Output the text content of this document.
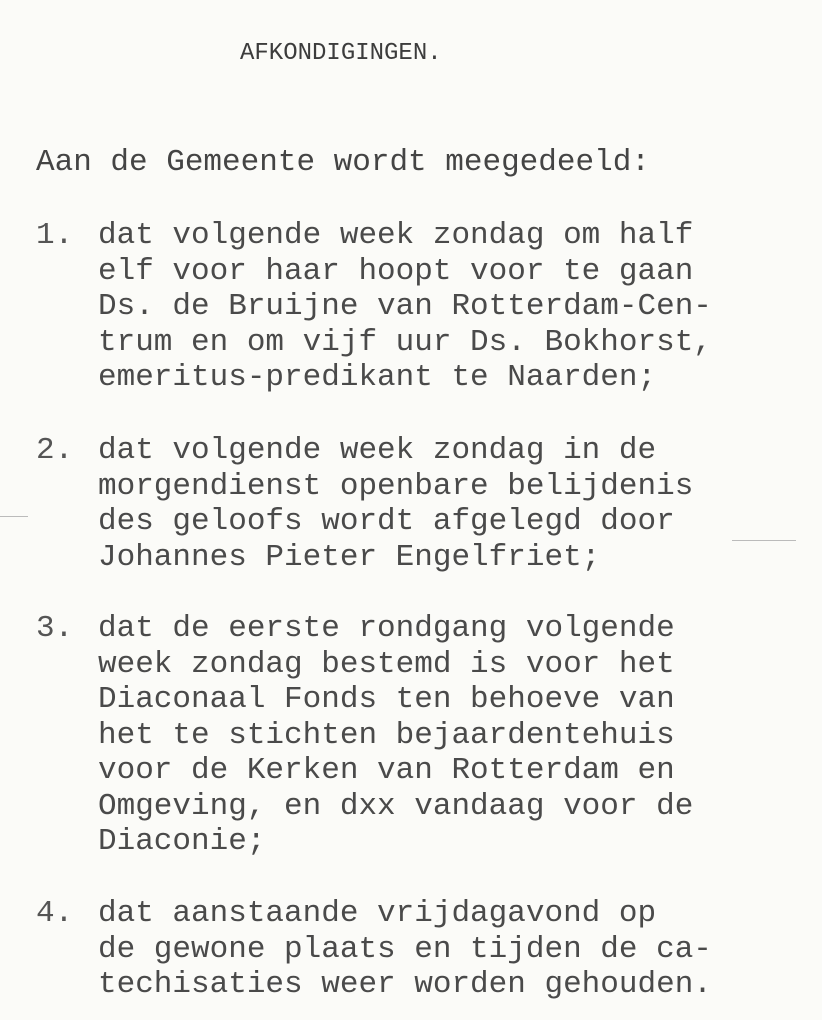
AFKONDIGINGEN.
Aan de Gemeente wordt meegedeeld:
1. dat volgende week zondag om half
elf voor haar hoopt voor te gaan
Ds. de Bruijne van Rotterdam-Cen-
trum en om vijf uur Ds. Bokhorst,
emeritus-predikant te Naarden;
2. dat volgende week zondag in de
morgendienst openbare belijdenis
des geloofs wordt afgelegd door
Johannes Pieter Engelfriet;
3. dat de eerste rondgang volgende
week zondag bestemd is voor het
Diaconaal Fonds ten behoeve van
het te stichten bejaardentehuis
voor de Kerken van Rotterdam en
Omgeving, en dxx vandaag voor de
Diaconie;
4. dat aanstaande vrijdagavond op
de gewone plaats en tijden de ca-
techisaties weer worden gehouden.
